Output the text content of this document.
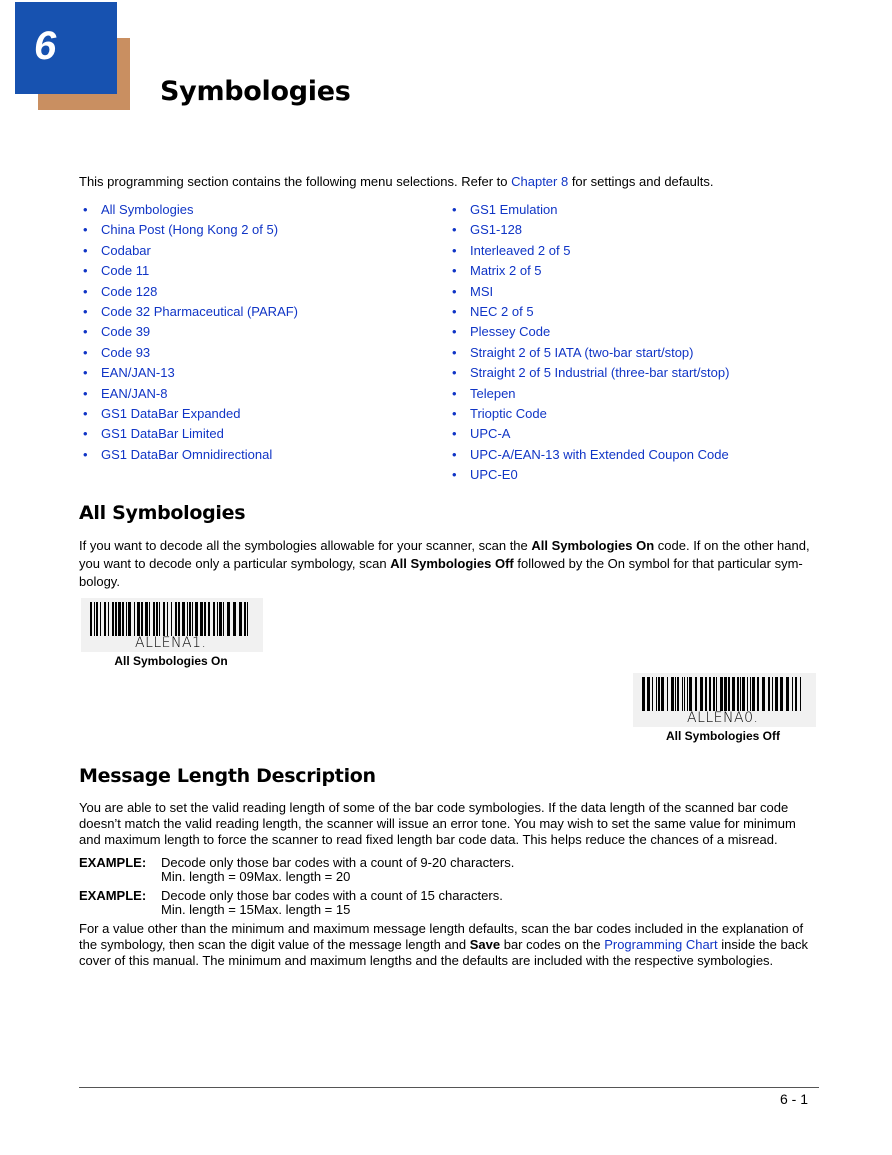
6
Symbologies

This programming section contains the following menu selections. Refer to Chapter 8 for settings and defaults.

• All Symbologies
• China Post (Hong Kong 2 of 5)
• Codabar
• Code 11
• Code 128
• Code 32 Pharmaceutical (PARAF)
• Code 39
• Code 93
• EAN/JAN-13
• EAN/JAN-8
• GS1 DataBar Expanded
• GS1 DataBar Limited
• GS1 DataBar Omnidirectional
• GS1 Emulation
• GS1-128
• Interleaved 2 of 5
• Matrix 2 of 5
• MSI
• NEC 2 of 5
• Plessey Code
• Straight 2 of 5 IATA (two-bar start/stop)
• Straight 2 of 5 Industrial (three-bar start/stop)
• Telepen
• Trioptic Code
• UPC-A
• UPC-A/EAN-13 with Extended Coupon Code
• UPC-E0
All Symbologies

If you want to decode all the symbologies allowable for your scanner, scan the All Symbologies On code. If on the other hand, you want to decode only a particular symbology, scan All Symbologies Off followed by the On symbol for that particular sym-bology.

ALLENA1.
All Symbologies On
ALLENA0.
All Symbologies Off
Message Length Description

You are able to set the valid reading length of some of the bar code symbologies. If the data length of the scanned bar code doesn’t match the valid reading length, the scanner will issue an error tone. You may wish to set the same value for minimum and maximum length to force the scanner to read fixed length bar code data. This helps reduce the chances of a misread.

EXAMPLE: Decode only those bar codes with a count of 9-20 characters.
Min. length = 09Max. length = 20
EXAMPLE: Decode only those bar codes with a count of 15 characters.
Min. length = 15Max. length = 15

For a value other than the minimum and maximum message length defaults, scan the bar codes included in the explanation of the symbology, then scan the digit value of the message length and Save bar codes on the Programming Chart inside the back cover of this manual. The minimum and maximum lengths and the defaults are included with the respective symbologies.

6 - 1
